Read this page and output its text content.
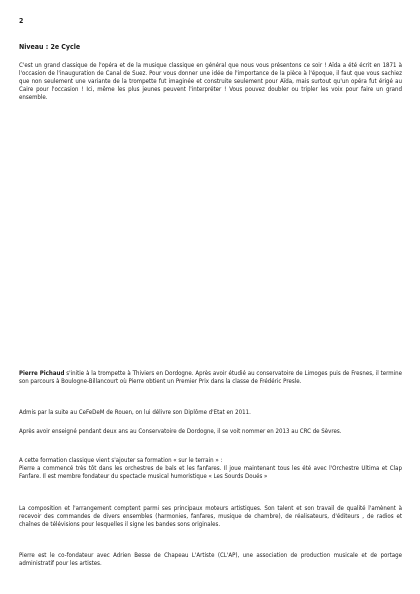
2
Niveau : 2e Cycle

C'est un grand classique de l'opéra et de la musique classique en général que nous vous présentons ce soir ! Aïda a été écrit en 1871 à l'occasion de l'inauguration de Canal de Suez. Pour vous donner une idée de l'importance de la pièce à l'époque, il faut que vous sachiez que non seulement une variante de la trompette fut imaginée et construite seulement pour Aïda, mais surtout qu'un opéra fut érigé au Caire pour l'occasion ! Ici, même les plus jeunes peuvent l'interpréter ! Vous pouvez doubler ou tripler les voix pour faire un grand ensemble.

Pierre Pichaud s'initie à la trompette à Thiviers en Dordogne. Après avoir étudié au conservatoire de Limoges puis de Fresnes, il termine son parcours à Boulogne-Billancourt où Pierre obtient un Premier Prix dans la classe de Frédéric Presle.

Admis par la suite au CeFeDeM de Rouen, on lui délivre son Diplôme d'Etat en 2011.

Après avoir enseigné pendant deux ans au Conservatoire de Dordogne, il se voit nommer en 2013 au CRC de Sèvres.

A cette formation classique vient s'ajouter sa formation « sur le terrain » :
Pierre a commencé très tôt dans les orchestres de bals et les fanfares. Il joue maintenant tous les été avec l'Orchestre Ultima et Clap Fanfare. Il est membre fondateur du spectacle musical humoristique « Les Sourds Doués »

La composition et l'arrangement comptent parmi ses principaux moteurs artistiques. Son talent et son travail de qualité l'amènent à recevoir des commandes de divers ensembles (harmonies, fanfares, musique de chambre), de réalisateurs, d'éditeurs , de radios et chaînes de télévisions pour lesquelles il signe les bandes sons originales.

Pierre est le co-fondateur avec Adrien Besse de Chapeau L'Artiste (CL'AP), une association de production musicale et de portage administratif pour les artistes.
